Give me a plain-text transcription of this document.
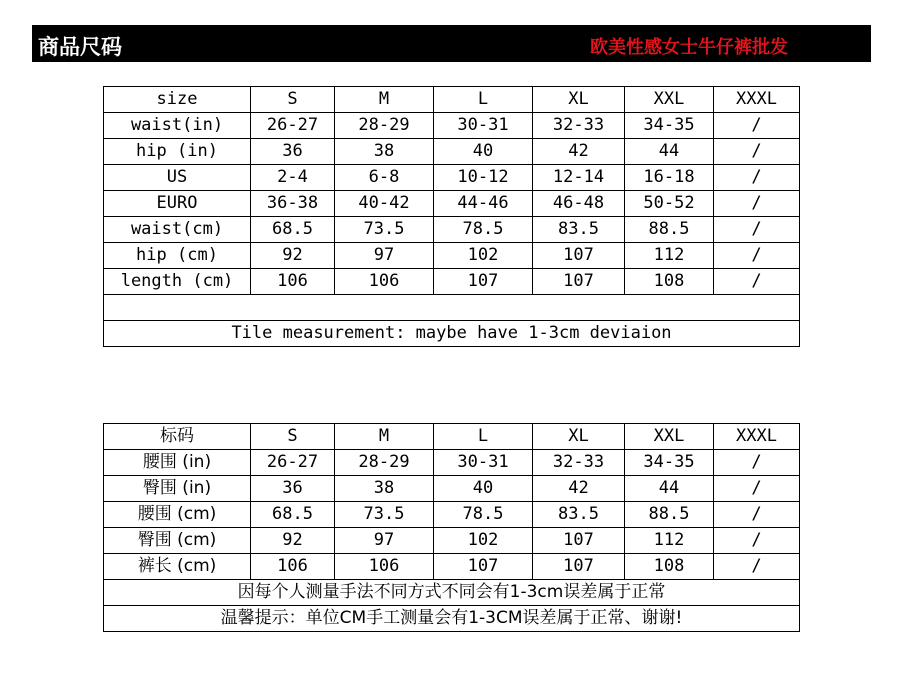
商品尺码	欧美性感女士牛仔裤批发
size	S	M	L	XL	XXL	XXXL
waist(in)	26-27	28-29	30-31	32-33	34-35	/
hip (in)	36	38	40	42	44	/
US	2-4	6-8	10-12	12-14	16-18	/
EURO	36-38	40-42	44-46	46-48	50-52	/
waist(cm)	68.5	73.5	78.5	83.5	88.5	/
hip (cm)	92	97	102	107	112	/
length (cm)	106	106	107	107	108	/

Tile measurement: maybe have 1-3cm deviaion						
标码	S	M	L	XL	XXL	XXXL
腰围 (in)	26-27	28-29	30-31	32-33	34-35	/
臀围 (in)	36	38	40	42	44	/
腰围 (cm)	68.5	73.5	78.5	83.5	88.5	/
臀围 (cm)	92	97	102	107	112	/
裤长 (cm)	106	106	107	107	108	/
因每个人测量手法不同方式不同会有1-3cm误差属于正常						
温馨提示：单位CM手工测量会有1-3CM误差属于正常、谢谢!						
